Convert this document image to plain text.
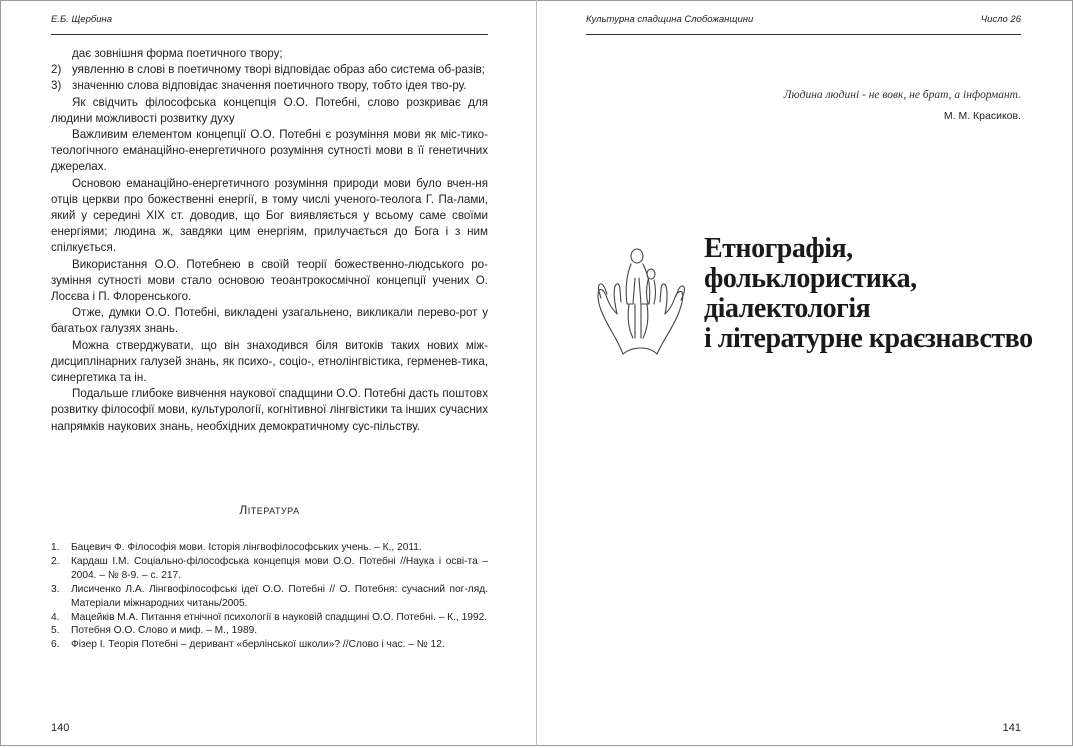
Е.Б. Щербина

дає зовнішня форма поетичного твору;

2) уявленню в слові в поетичному творі відповідає образ або система об-разів;
3) значенню слова відповідає значення поетичного твору, тобто ідея тво-ру.

Як свідчить філософська концепція О.О. Потебні, слово розкриває для людини можливості розвитку духу

Важливим елементом концепції О.О. Потебні є розуміння мови як міс-тико-теологічного еманаційно-енергетичного розуміння сутності мови в її генетичних джерелах.

Основою еманаційно-енергетичного розуміння природи мови було вчен-ня отців церкви про божественні енергії, в тому числі ученого-теолога Г. Па-лами, який у середині XIX ст. доводив, що Бог виявляється у всьому саме своїми енергіями; людина ж, завдяки цим енергіям, прилучається до Бога і з ним спілкується.

Використання О.О. Потебнею в своїй теорії божественно-людського ро-зуміння сутності мови стало основою теоантрокосмічної концепції учених О. Лосєва і П. Флоренського.

Отже, думки О.О. Потебні, викладені узагальнено, викликали перево-рот у багатьох галузях знань.

Можна стверджувати, що він знаходився біля витоків таких нових між-дисциплінарних галузей знань, як психо-, соціо-, етнолінгвістика, герменев-тика, синергетика та ін.

Подальше глибоке вивчення наукової спадщини О.О. Потебні дасть поштовх розвитку філософії мови, культурології, когнітивної лінгвістики та інших сучасних напрямків наукових знань, необхідних демократичному сус-пільству.

ЛІТЕРАТУРА
1.	Бацевич Ф. Філософія мови. Історія лінгвофілософських учень. – К., 2011.
2.	Кардаш І.М. Соціально-філософська концепція мови О.О. Потебні //Наука і осві-та – 2004. – № 8-9. – с. 217.
3.	Лисиченко Л.А. Лінгвофілософські ідеї О.О. Потебні // О. Потебня: сучасний пог-ляд. Матеріали міжнародних читань/2005.
4.	Мацейків М.А. Питання етнічної психології в науковій спадщині О.О. Потебні. – К., 1992.
5.	Потебня О.О. Слово и миф. – М., 1989.
6.	Фізер І. Теорія Потебні – деривант «берлінської школи»? //Слово і час. – № 12.
140
Культурна спадщина Слобожанщини	Число 26
Людина людині - не вовк, не брат, а інформант.
М. М. Красиков.
Етнографія,
фольклористика,
діалектологія
і літературне краєзнавство
141
